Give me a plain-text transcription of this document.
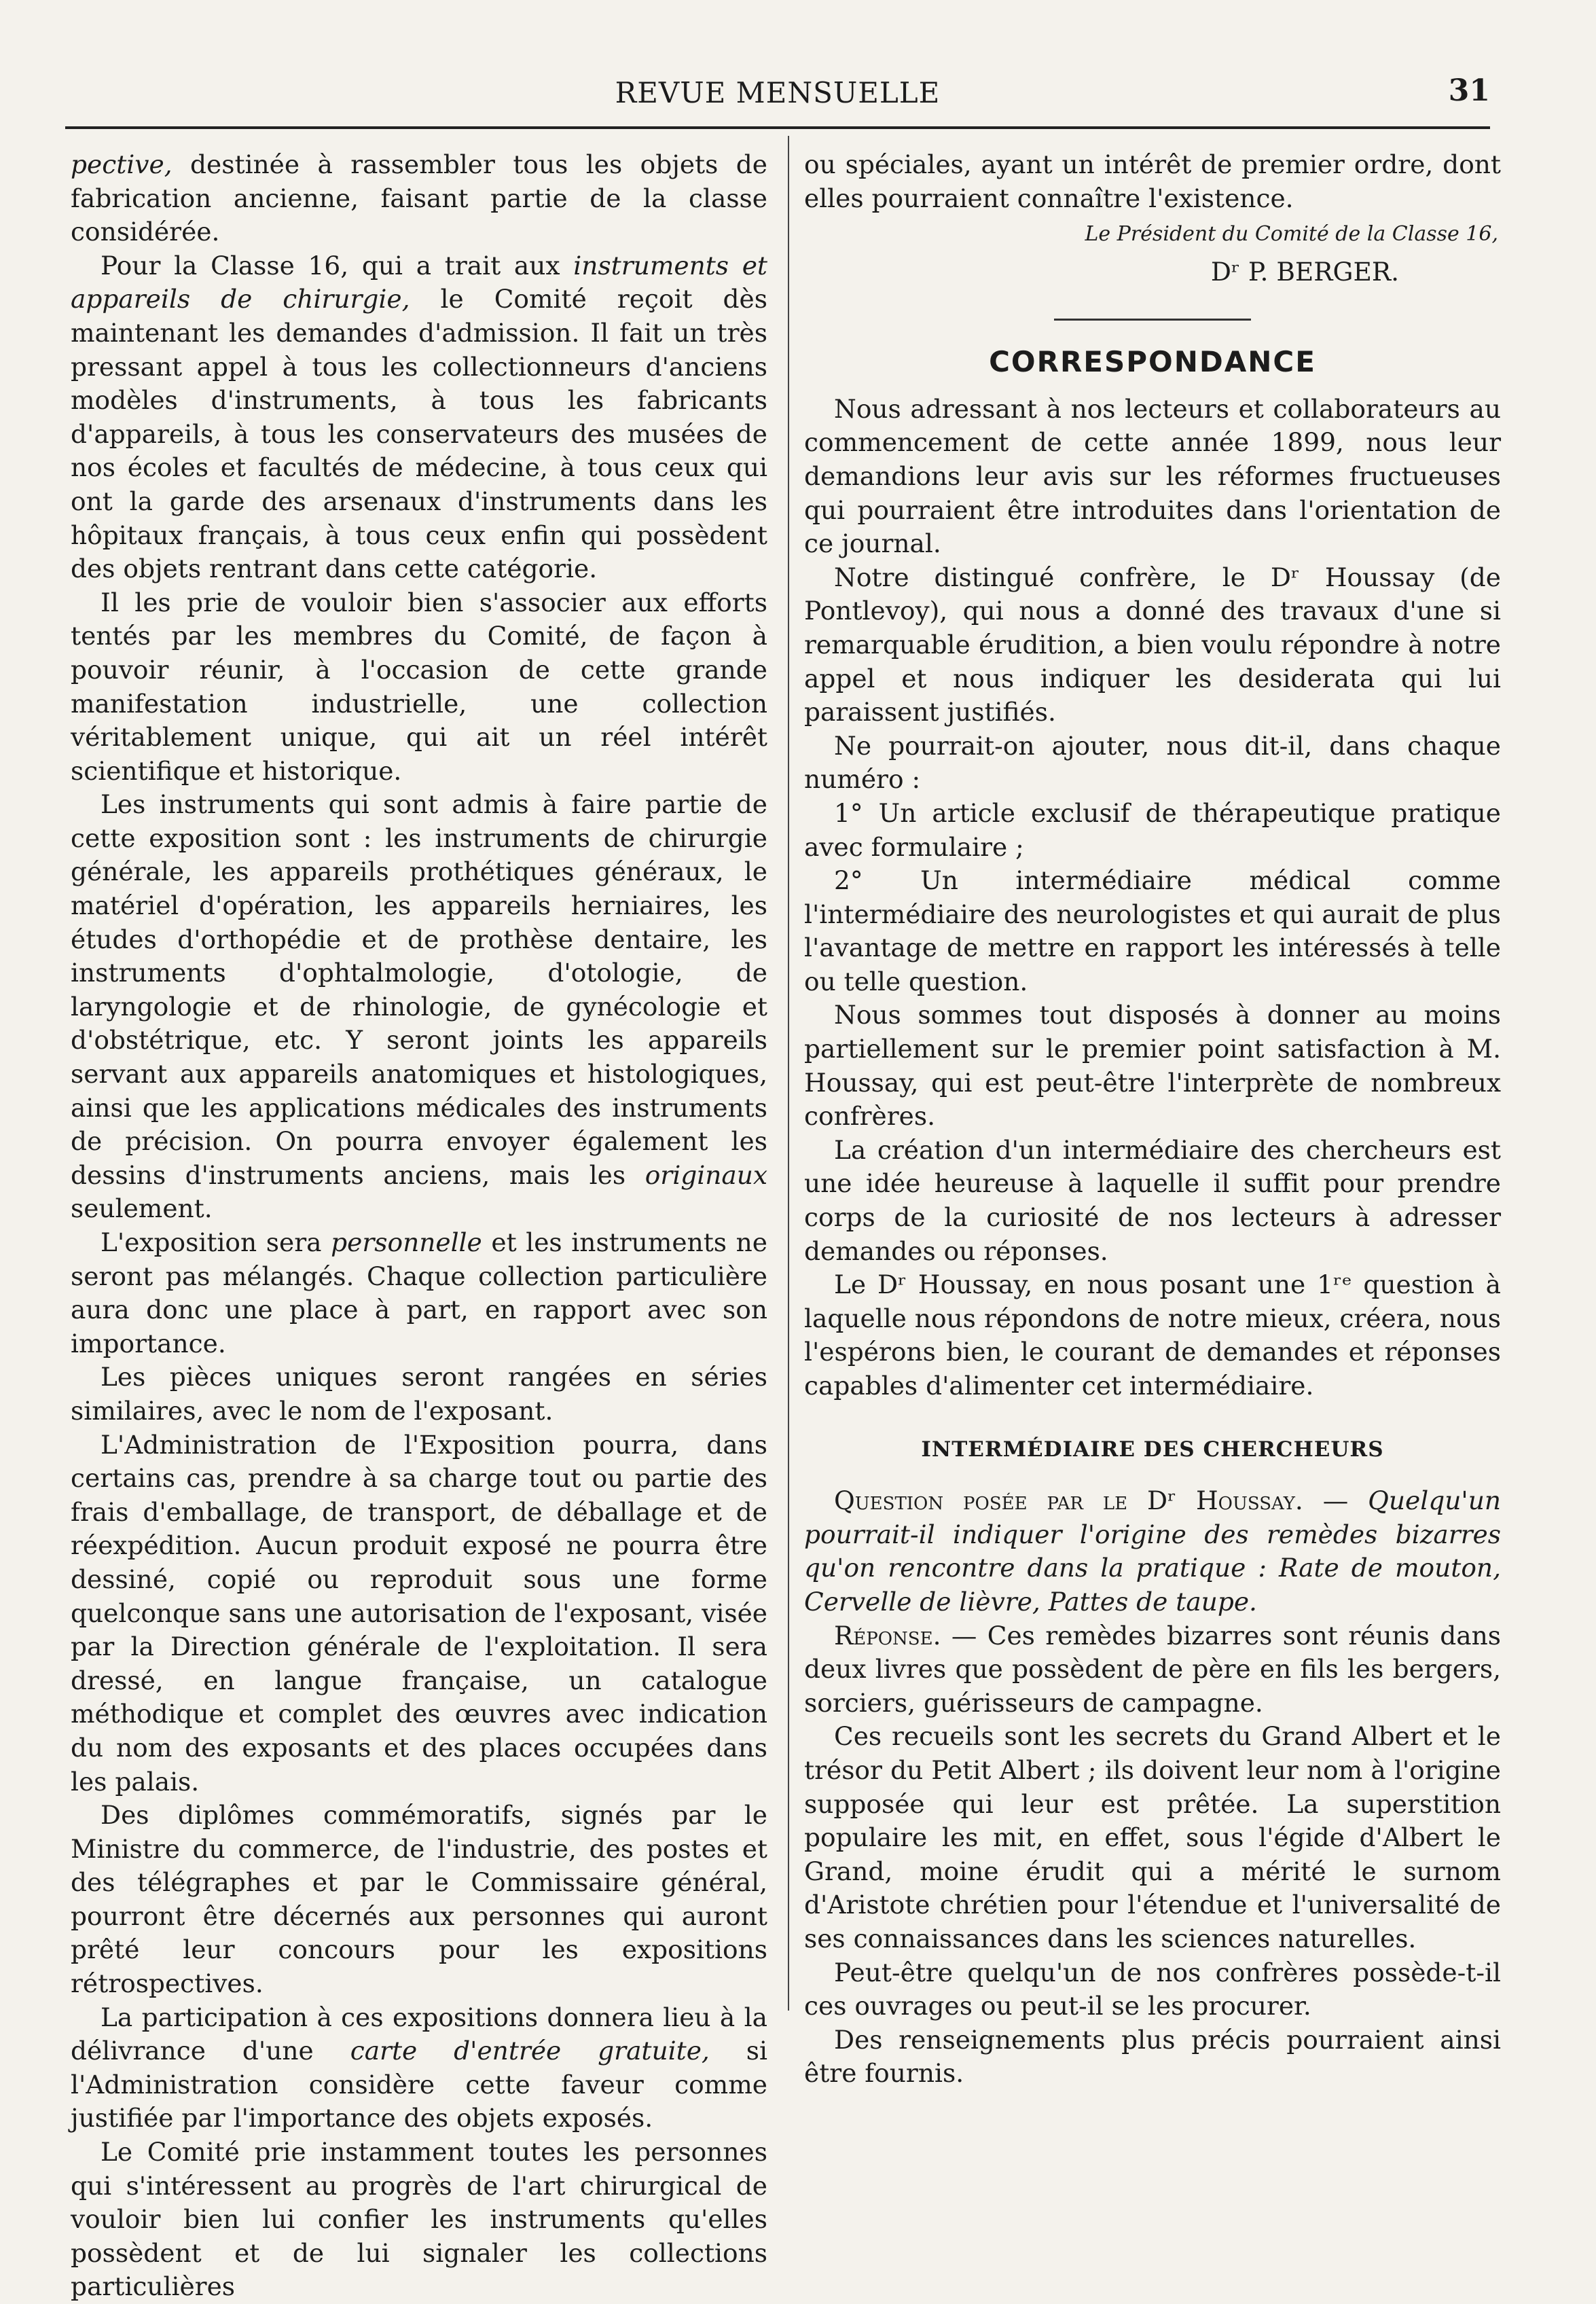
REVUE MENSUELLE	31

pective, destinée à rassembler tous les objets de fabrication ancienne, faisant partie de la classe considérée.

Pour la Classe 16, qui a trait aux instruments et appareils de chirurgie, le Comité reçoit dès maintenant les demandes d'admission. Il fait un très pressant appel à tous les collectionneurs d'anciens modèles d'instruments, à tous les fabricants d'appareils, à tous les conservateurs des musées de nos écoles et facultés de médecine, à tous ceux qui ont la garde des arsenaux d'instruments dans les hôpitaux français, à tous ceux enfin qui possèdent des objets rentrant dans cette catégorie.

Il les prie de vouloir bien s'associer aux efforts tentés par les membres du Comité, de façon à pouvoir réunir, à l'occasion de cette grande manifestation industrielle, une collection véritablement unique, qui ait un réel intérêt scientifique et historique.

Les instruments qui sont admis à faire partie de cette exposition sont : les instruments de chirurgie générale, les appareils prothétiques généraux, le matériel d'opération, les appareils herniaires, les études d'orthopédie et de prothèse dentaire, les instruments d'ophtalmologie, d'otologie, de laryngologie et de rhinologie, de gynécologie et d'obstétrique, etc. Y seront joints les appareils servant aux appareils anatomiques et histologiques, ainsi que les applications médicales des instruments de précision. On pourra envoyer également les dessins d'instruments anciens, mais les originaux seulement.

L'exposition sera personnelle et les instruments ne seront pas mélangés. Chaque collection particulière aura donc une place à part, en rapport avec son importance.

Les pièces uniques seront rangées en séries similaires, avec le nom de l'exposant.

L'Administration de l'Exposition pourra, dans certains cas, prendre à sa charge tout ou partie des frais d'emballage, de transport, de déballage et de réexpédition. Aucun produit exposé ne pourra être dessiné, copié ou reproduit sous une forme quelconque sans une autorisation de l'exposant, visée par la Direction générale de l'exploitation. Il sera dressé, en langue française, un catalogue méthodique et complet des œuvres avec indication du nom des exposants et des places occupées dans les palais.

Des diplômes commémoratifs, signés par le Ministre du commerce, de l'industrie, des postes et des télégraphes et par le Commissaire général, pourront être décernés aux personnes qui auront prêté leur concours pour les expositions rétrospectives.

La participation à ces expositions donnera lieu à la délivrance d'une carte d'entrée gratuite, si l'Administration considère cette faveur comme justifiée par l'importance des objets exposés.

Le Comité prie instamment toutes les personnes qui s'intéressent au progrès de l'art chirurgical de vouloir bien lui confier les instruments qu'elles possèdent et de lui signaler les collections particulières

ou spéciales, ayant un intérêt de premier ordre, dont elles pourraient connaître l'existence.

Le Président du Comité de la Classe 16,
Dʳ P. BERGER.
CORRESPONDANCE

Nous adressant à nos lecteurs et collaborateurs au commencement de cette année 1899, nous leur demandions leur avis sur les réformes fructueuses qui pourraient être introduites dans l'orientation de ce journal.

Notre distingué confrère, le Dʳ Houssay (de Pontlevoy), qui nous a donné des travaux d'une si remarquable érudition, a bien voulu répondre à notre appel et nous indiquer les desiderata qui lui paraissent justifiés.

Ne pourrait-on ajouter, nous dit-il, dans chaque numéro :

1° Un article exclusif de thérapeutique pratique avec formulaire ;

2° Un intermédiaire médical comme l'intermédiaire des neurologistes et qui aurait de plus l'avantage de mettre en rapport les intéressés à telle ou telle question.

Nous sommes tout disposés à donner au moins partiellement sur le premier point satisfaction à M. Houssay, qui est peut-être l'interprète de nombreux confrères.

La création d'un intermédiaire des chercheurs est une idée heureuse à laquelle il suffit pour prendre corps de la curiosité de nos lecteurs à adresser demandes ou réponses.

Le Dʳ Houssay, en nous posant une 1ʳᵉ question à laquelle nous répondons de notre mieux, créera, nous l'espérons bien, le courant de demandes et réponses capables d'alimenter cet intermédiaire.

INTERMÉDIAIRE DES CHERCHEURS

Question posée par le Dʳ Houssay. — Quelqu'un pourrait-il indiquer l'origine des remèdes bizarres qu'on rencontre dans la pratique : Rate de mouton, Cervelle de lièvre, Pattes de taupe.

Réponse. — Ces remèdes bizarres sont réunis dans deux livres que possèdent de père en fils les bergers, sorciers, guérisseurs de campagne.

Ces recueils sont les secrets du Grand Albert et le trésor du Petit Albert ; ils doivent leur nom à l'origine supposée qui leur est prêtée. La superstition populaire les mit, en effet, sous l'égide d'Albert le Grand, moine érudit qui a mérité le surnom d'Aristote chrétien pour l'étendue et l'universalité de ses connaissances dans les sciences naturelles.

Peut-être quelqu'un de nos confrères possède-t-il ces ouvrages ou peut-il se les procurer.

Des renseignements plus précis pourraient ainsi être fournis.
